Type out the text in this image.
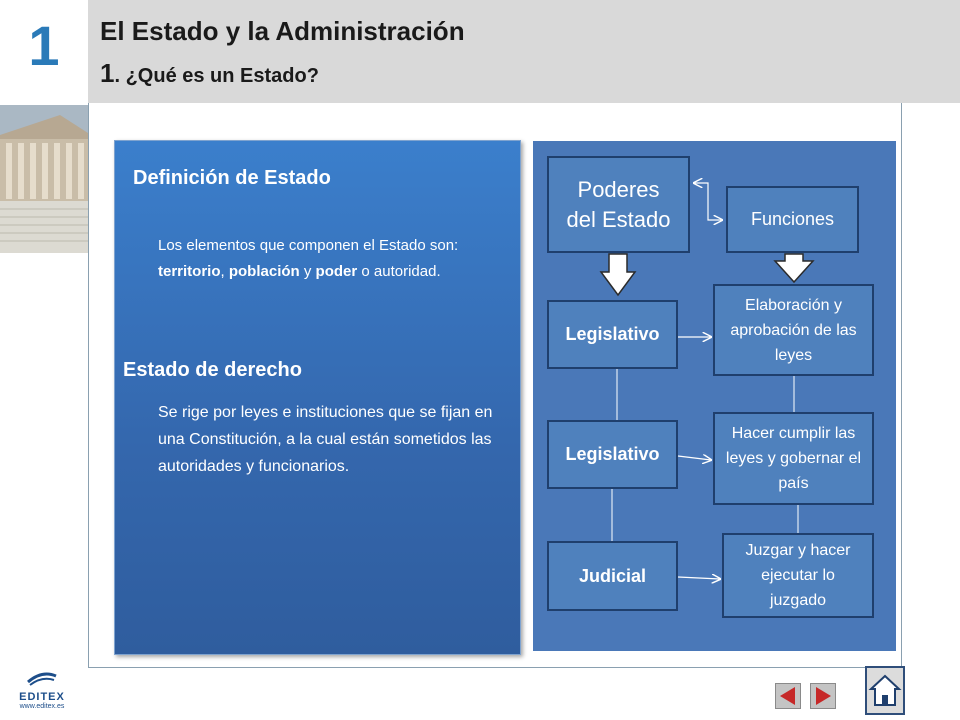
1	El Estado y la Administración
1. ¿Qué es un Estado?
Definición de Estado
Los elementos que componen el Estado son: territorio, población y poder o autoridad.
Estado de derecho
Se rige por leyes e instituciones que se fijan en una Constitución, a la cual están sometidos las autoridades y funcionarios.
Poderes del Estado	Funciones
Legislativo
Elaboración y aprobación de las leyes
Legislativo
Hacer cumplir las leyes y gobernar el país
Judicial
Juzgar y hacer ejecutar lo juzgado
EDITEX
www.editex.es
